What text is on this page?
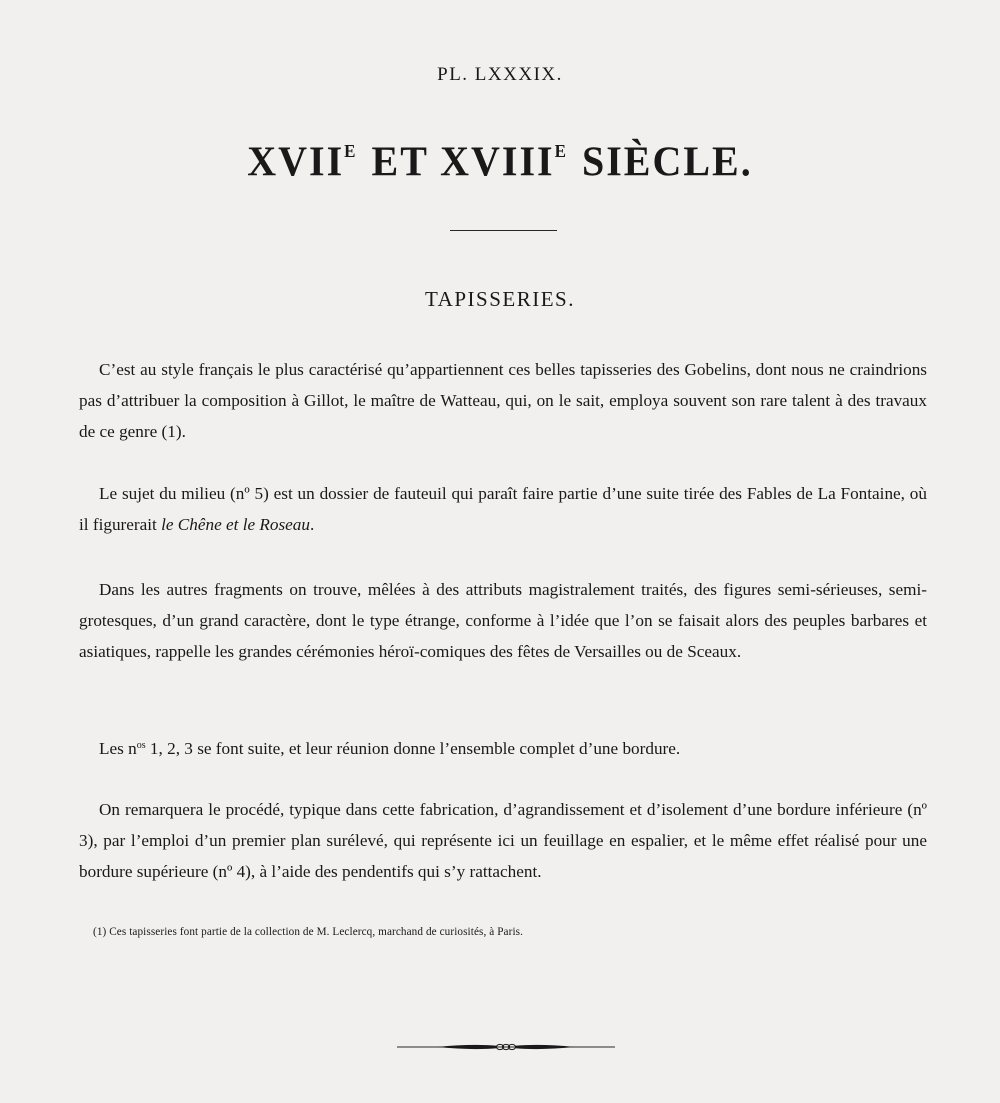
PL. LXXXIX.
$XVII^E$ ET $XVIII^E$ SIÈCLE.
TAPISSERIES.
C’est au style français le plus caractérisé qu’appartiennent ces belles tapisseries des Gobelins, dont nous ne craindrions pas d’attribuer la composition à Gillot, le maître de Watteau, qui, on le sait, employa souvent son rare talent à des travaux de ce genre (1).
Le sujet du milieu (nº 5) est un dossier de fauteuil qui paraît faire partie d’une suite tirée des Fables de La Fontaine, où il figurerait le Chêne et le Roseau.
Dans les autres fragments on trouve, mêlées à des attributs magistralement traités, des figures semi-sérieuses, semi-grotesques, d’un grand caractère, dont le type étrange, conforme à l’idée que l’on se faisait alors des peuples barbares et asiatiques, rappelle les grandes cérémonies héroï-comiques des fêtes de Versailles ou de Sceaux.
Les $n^{os}$ 1, 2, 3 se font suite, et leur réunion donne l’ensemble complet d’une bordure.
On remarquera le procédé, typique dans cette fabrication, d’agrandissement et d’isolement d’une bordure inférieure (nº 3), par l’emploi d’un premier plan surélevé, qui représente ici un feuillage en espalier, et le même effet réalisé pour une bordure supérieure (nº 4), à l’aide des pendentifs qui s’y rattachent.
(1) Ces tapisseries font partie de la collection de M. Leclercq, marchand de curiosités, à Paris.
